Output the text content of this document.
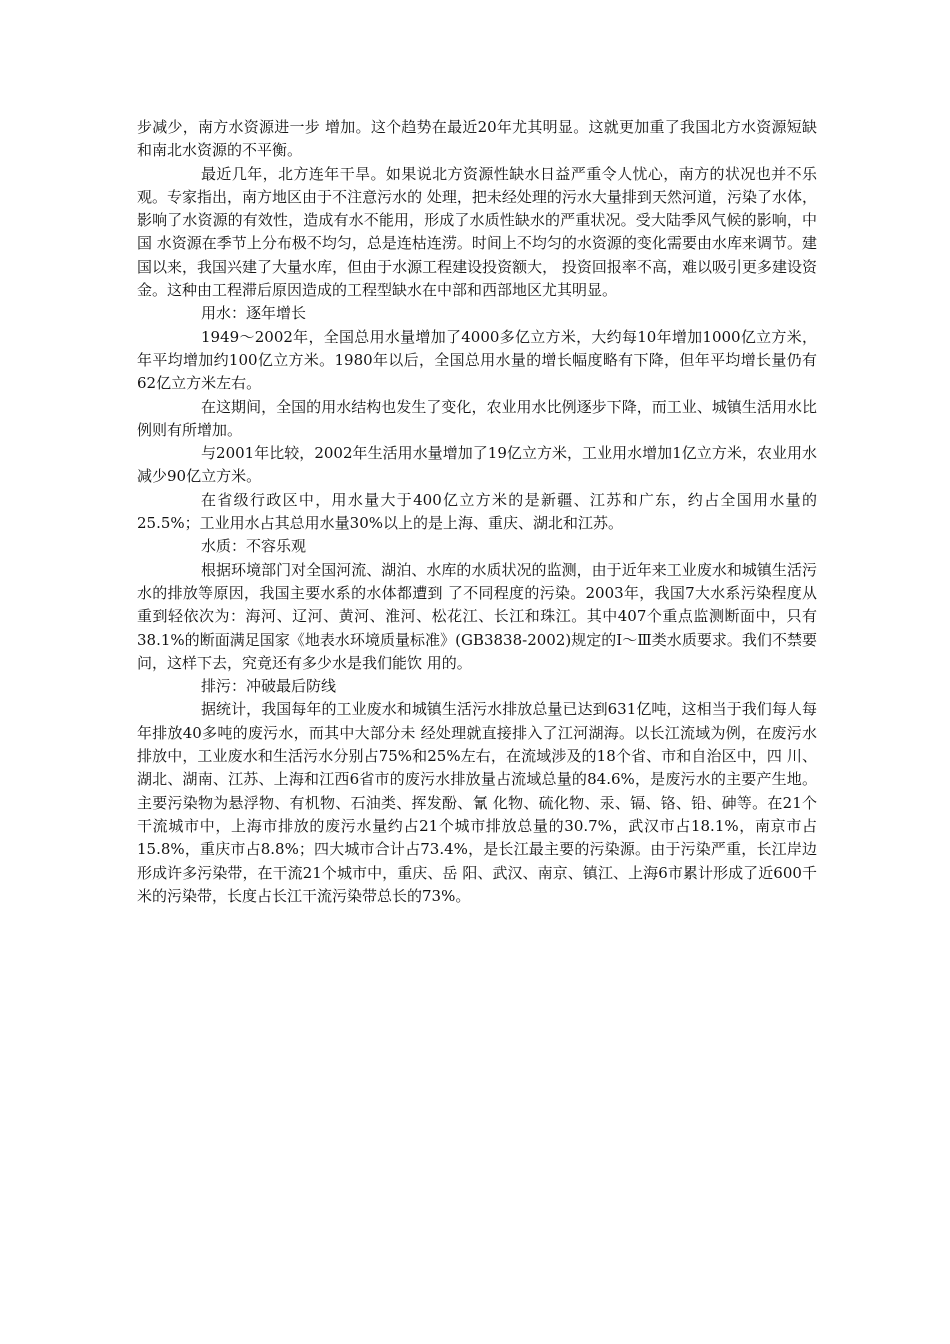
步减少，南方水资源进一步 增加。这个趋势在最近20年尤其明显。这就更加重了我国北方水资源短缺和南北水资源的不平衡。

最近几年，北方连年干旱。如果说北方资源性缺水日益严重令人忧心，南方的状况也并不乐观。专家指出，南方地区由于不注意污水的 处理，把未经处理的污水大量排到天然河道，污染了水体，影响了水资源的有效性，造成有水不能用，形成了水质性缺水的严重状况。受大陆季风气候的影响，中国 水资源在季节上分布极不均匀，总是连枯连涝。时间上不均匀的水资源的变化需要由水库来调节。建国以来，我国兴建了大量水库，但由于水源工程建设投资额大， 投资回报率不高，难以吸引更多建设资金。这种由工程滞后原因造成的工程型缺水在中部和西部地区尤其明显。

用水：逐年增长

1949～2002年，全国总用水量增加了4000多亿立方米，大约每10年增加1000亿立方米，年平均增加约100亿立方米。1980年以后，全国总用水量的增长幅度略有下降，但年平均增长量仍有62亿立方米左右。

在这期间，全国的用水结构也发生了变化，农业用水比例逐步下降，而工业、城镇生活用水比例则有所增加。

与2001年比较，2002年生活用水量增加了19亿立方米，工业用水增加1亿立方米，农业用水减少90亿立方米。

在省级行政区中，用水量大于400亿立方米的是新疆、江苏和广东，约占全国用水量的25.5%；工业用水占其总用水量30%以上的是上海、重庆、湖北和江苏。

水质：不容乐观

根据环境部门对全国河流、湖泊、水库的水质状况的监测，由于近年来工业废水和城镇生活污水的排放等原因，我国主要水系的水体都遭到 了不同程度的污染。2003年，我国7大水系污染程度从重到轻依次为：海河、辽河、黄河、淮河、松花江、长江和珠江。其中407个重点监测断面中，只有 38.1%的断面满足国家《地表水环境质量标准》(GB3838-2002)规定的Ⅰ～Ⅲ类水质要求。我们不禁要问，这样下去，究竟还有多少水是我们能饮 用的。

排污：冲破最后防线

据统计，我国每年的工业废水和城镇生活污水排放总量已达到631亿吨，这相当于我们每人每年排放40多吨的废污水，而其中大部分未 经处理就直接排入了江河湖海。以长江流域为例，在废污水排放中，工业废水和生活污水分别占75%和25%左右，在流域涉及的18个省、市和自治区中，四 川、湖北、湖南、江苏、上海和江西6省市的废污水排放量占流域总量的84.6%，是废污水的主要产生地。主要污染物为悬浮物、有机物、石油类、挥发酚、氰 化物、硫化物、汞、镉、铬、铅、砷等。在21个干流城市中，上海市排放的废污水量约占21个城市排放总量的30.7%，武汉市占18.1%，南京市占 15.8%，重庆市占8.8%；四大城市合计占73.4%，是长江最主要的污染源。由于污染严重，长江岸边形成许多污染带，在干流21个城市中，重庆、岳 阳、武汉、南京、镇江、上海6市累计形成了近600千米的污染带，长度占长江干流污染带总长的73%。
